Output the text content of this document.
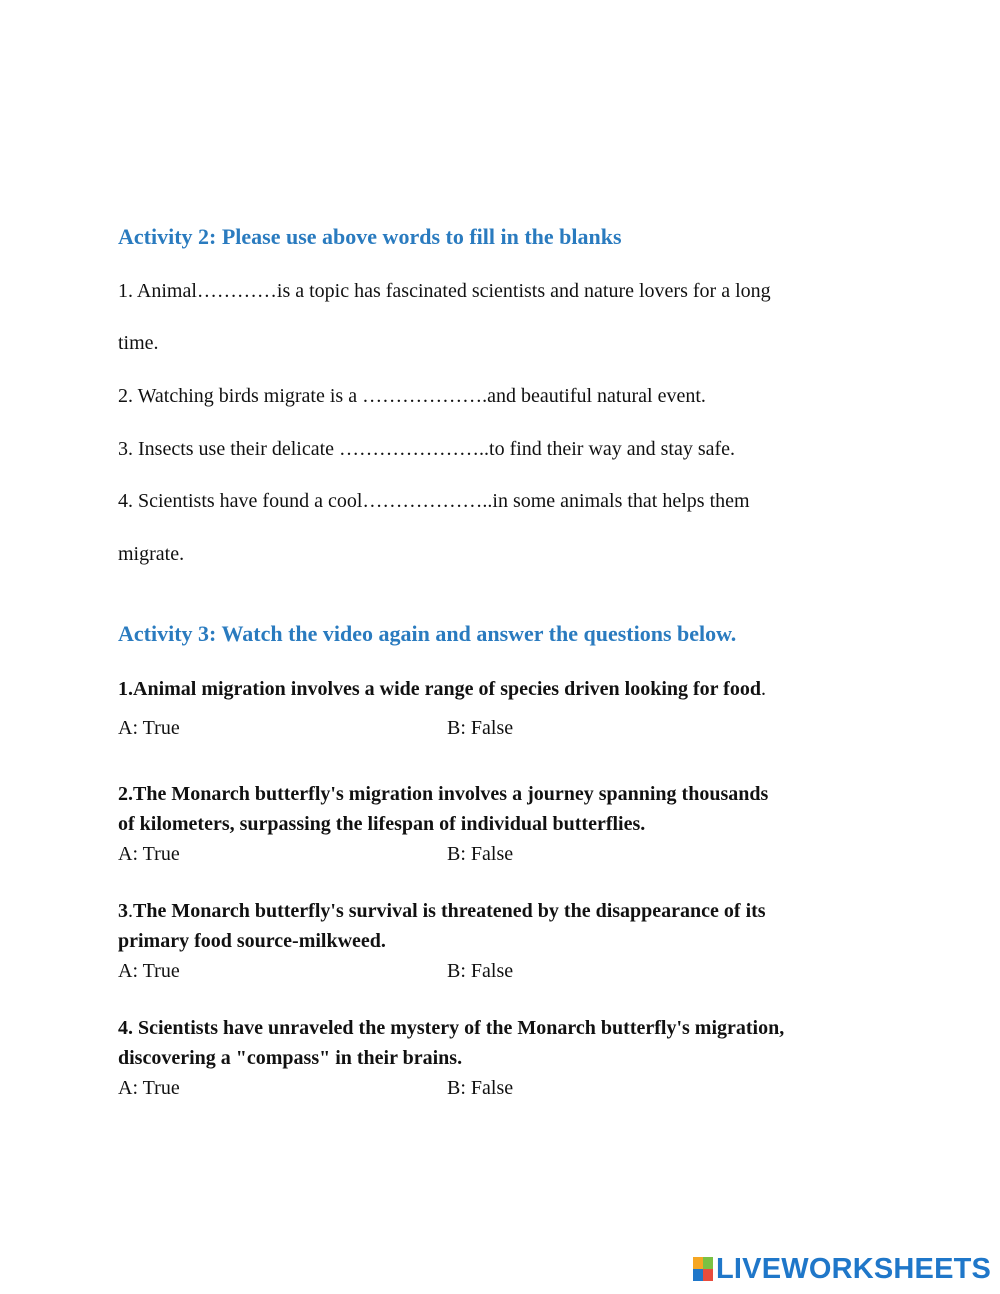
Activity 2: Please use above words to fill in the blanks
1. Animal…………is a topic has fascinated scientists and nature lovers for a long
time.
2. Watching birds migrate is a ……………….and beautiful natural event.
3. Insects use their delicate …………………..to find their way and stay safe.
4. Scientists have found a cool………………..in some animals that helps them
migrate.
Activity 3: Watch the video again and answer the questions below.
1.Animal migration involves a wide range of species driven looking for food.
A: True	B: False
2.The Monarch butterfly's migration involves a journey spanning thousands
of kilometers, surpassing the lifespan of individual butterflies.
A: True	B: False
3.The Monarch butterfly's survival is threatened by the disappearance of its
primary food source-milkweed.
A: True	B: False
4. Scientists have unraveled the mystery of the Monarch butterfly's migration,
discovering a "compass" in their brains.
A: True	B: False
LIVEWORKSHEETS
